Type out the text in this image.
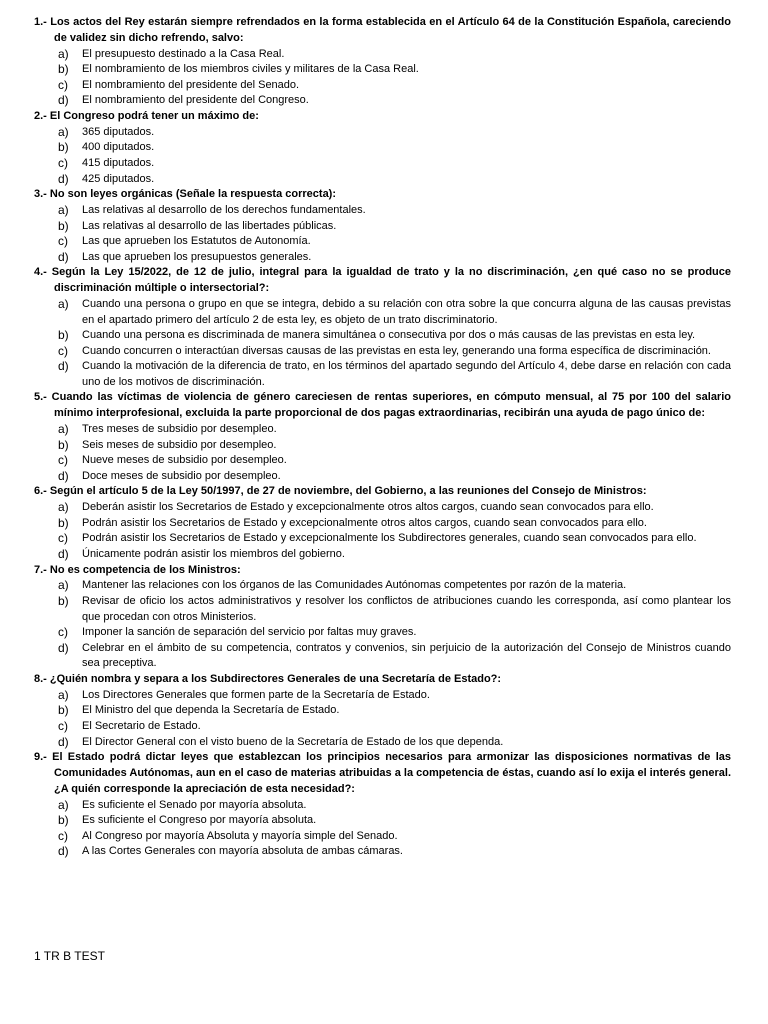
1.- Los actos del Rey estarán siempre refrendados en la forma establecida en el Artículo 64 de la Constitución Española, careciendo de validez sin dicho refrendo, salvo:
a)	El presupuesto destinado a la Casa Real.
b)	El nombramiento de los miembros civiles y militares de la Casa Real.
c)	El nombramiento del presidente del Senado.
d)	El nombramiento del presidente del Congreso.
2.- El Congreso podrá tener un máximo de:
a)	365 diputados.
b)	400 diputados.
c)	415 diputados.
d)	425 diputados.
3.- No son leyes orgánicas (Señale la respuesta correcta):
a)	Las relativas al desarrollo de los derechos fundamentales.
b)	Las relativas al desarrollo de las libertades públicas.
c)	Las que aprueben los Estatutos de Autonomía.
d)	Las que aprueben los presupuestos generales.
4.- Según la Ley 15/2022, de 12 de julio, integral para la igualdad de trato y la no discriminación, ¿en qué caso no se produce discriminación múltiple o intersectorial?:
a)	Cuando una persona o grupo en que se integra, debido a su relación con otra sobre la que concurra alguna de las causas previstas en el apartado primero del artículo 2 de esta ley, es objeto de un trato discriminatorio.
b)	Cuando una persona es discriminada de manera simultánea o consecutiva por dos o más causas de las previstas en esta ley.
c)	Cuando concurren o interactúan diversas causas de las previstas en esta ley, generando una forma específica de discriminación.
d)	Cuando la motivación de la diferencia de trato, en los términos del apartado segundo del Artículo 4, debe darse en relación con cada uno de los motivos de discriminación.
5.- Cuando las víctimas de violencia de género careciesen de rentas superiores, en cómputo mensual, al 75 por 100 del salario mínimo interprofesional, excluida la parte proporcional de dos pagas extraordinarias, recibirán una ayuda de pago único de:
a)	Tres meses de subsidio por desempleo.
b)	Seis meses de subsidio por desempleo.
c)	Nueve meses de subsidio por desempleo.
d)	Doce meses de subsidio por desempleo.
6.- Según el artículo 5 de la Ley 50/1997, de 27 de noviembre, del Gobierno, a las reuniones del Consejo de Ministros:
a)	Deberán asistir los Secretarios de Estado y excepcionalmente otros altos cargos, cuando sean convocados para ello.
b)	Podrán asistir los Secretarios de Estado y excepcionalmente otros altos cargos, cuando sean convocados para ello.
c)	Podrán asistir los Secretarios de Estado y excepcionalmente los Subdirectores generales, cuando sean convocados para ello.
d)	Únicamente podrán asistir los miembros del gobierno.
7.- No es competencia de los Ministros:
a)	Mantener las relaciones con los órganos de las Comunidades Autónomas competentes por razón de la materia.
b)	Revisar de oficio los actos administrativos y resolver los conflictos de atribuciones cuando les corresponda, así como plantear los que procedan con otros Ministerios.
c)	Imponer la sanción de separación del servicio por faltas muy graves.
d)	Celebrar en el ámbito de su competencia, contratos y convenios, sin perjuicio de la autorización del Consejo de Ministros cuando sea preceptiva.
8.- ¿Quién nombra y separa a los Subdirectores Generales de una Secretaría de Estado?:
a)	Los Directores Generales que formen parte de la Secretaría de Estado.
b)	El Ministro del que dependa la Secretaría de Estado.
c)	El Secretario de Estado.
d)	El Director General con el visto bueno de la Secretaría de Estado de los que dependa.
9.- El Estado podrá dictar leyes que establezcan los principios necesarios para armonizar las disposiciones normativas de las Comunidades Autónomas, aun en el caso de materias atribuidas a la competencia de éstas, cuando así lo exija el interés general. ¿A quién corresponde la apreciación de esta necesidad?:
a)	Es suficiente el Senado por mayoría absoluta.
b)	Es suficiente el Congreso por mayoría absoluta.
c)	Al Congreso por mayoría Absoluta y mayoría simple del Senado.
d)	A las Cortes Generales con mayoría absoluta de ambas cámaras.
1 TR B TEST
